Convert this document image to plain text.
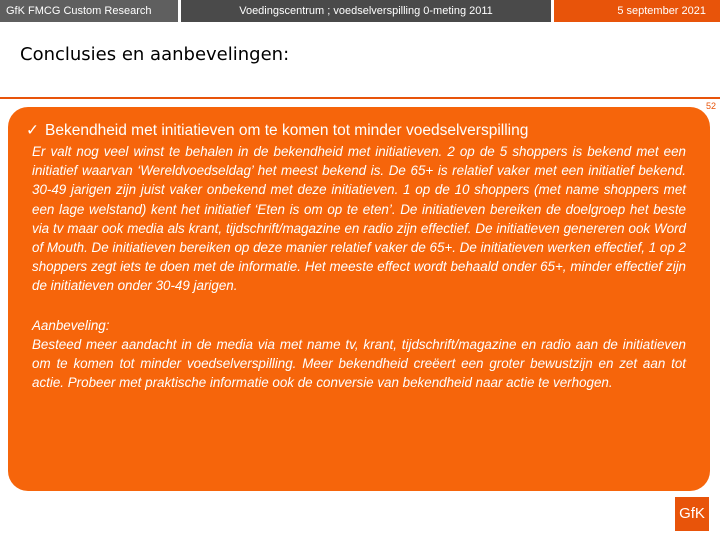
GfK FMCG Custom Research	Voedingscentrum ; voedselverspilling 0-meting 2011	5 september 2021
Conclusies en aanbevelingen:
52
✓ Bekendheid met initiatieven om te komen tot minder voedselverspilling

Er valt nog veel winst te behalen in de bekendheid met initiatieven. 2 op de 5 shoppers is bekend met een initiatief waarvan ‘Wereldvoedseldag’ het meest bekend is. De 65+ is relatief vaker met een initiatief bekend. 30-49 jarigen zijn juist vaker onbekend met deze initiatieven. 1 op de 10 shoppers (met name shoppers met een lage welstand) kent het initiatief ‘Eten is om op te eten’. De initiatieven bereiken de doelgroep het beste via tv maar ook media als krant, tijdschrift/magazine en radio zijn effectief. De initiatieven genereren ook Word of Mouth. De initiatieven bereiken op deze manier relatief vaker de 65+. De initiatieven werken effectief, 1 op 2 shoppers zegt iets te doen met de informatie. Het meeste effect wordt behaald onder 65+, minder effectief zijn de initiatieven onder 30-49 jarigen.

Aanbeveling:

Besteed meer aandacht in de media via met name tv, krant, tijdschrift/magazine en radio aan de initiatieven om te komen tot minder voedselverspilling. Meer bekendheid creëert een groter bewustzijn en zet aan tot actie. Probeer met praktische informatie ook de conversie van bekendheid naar actie te verhogen.

GfK
